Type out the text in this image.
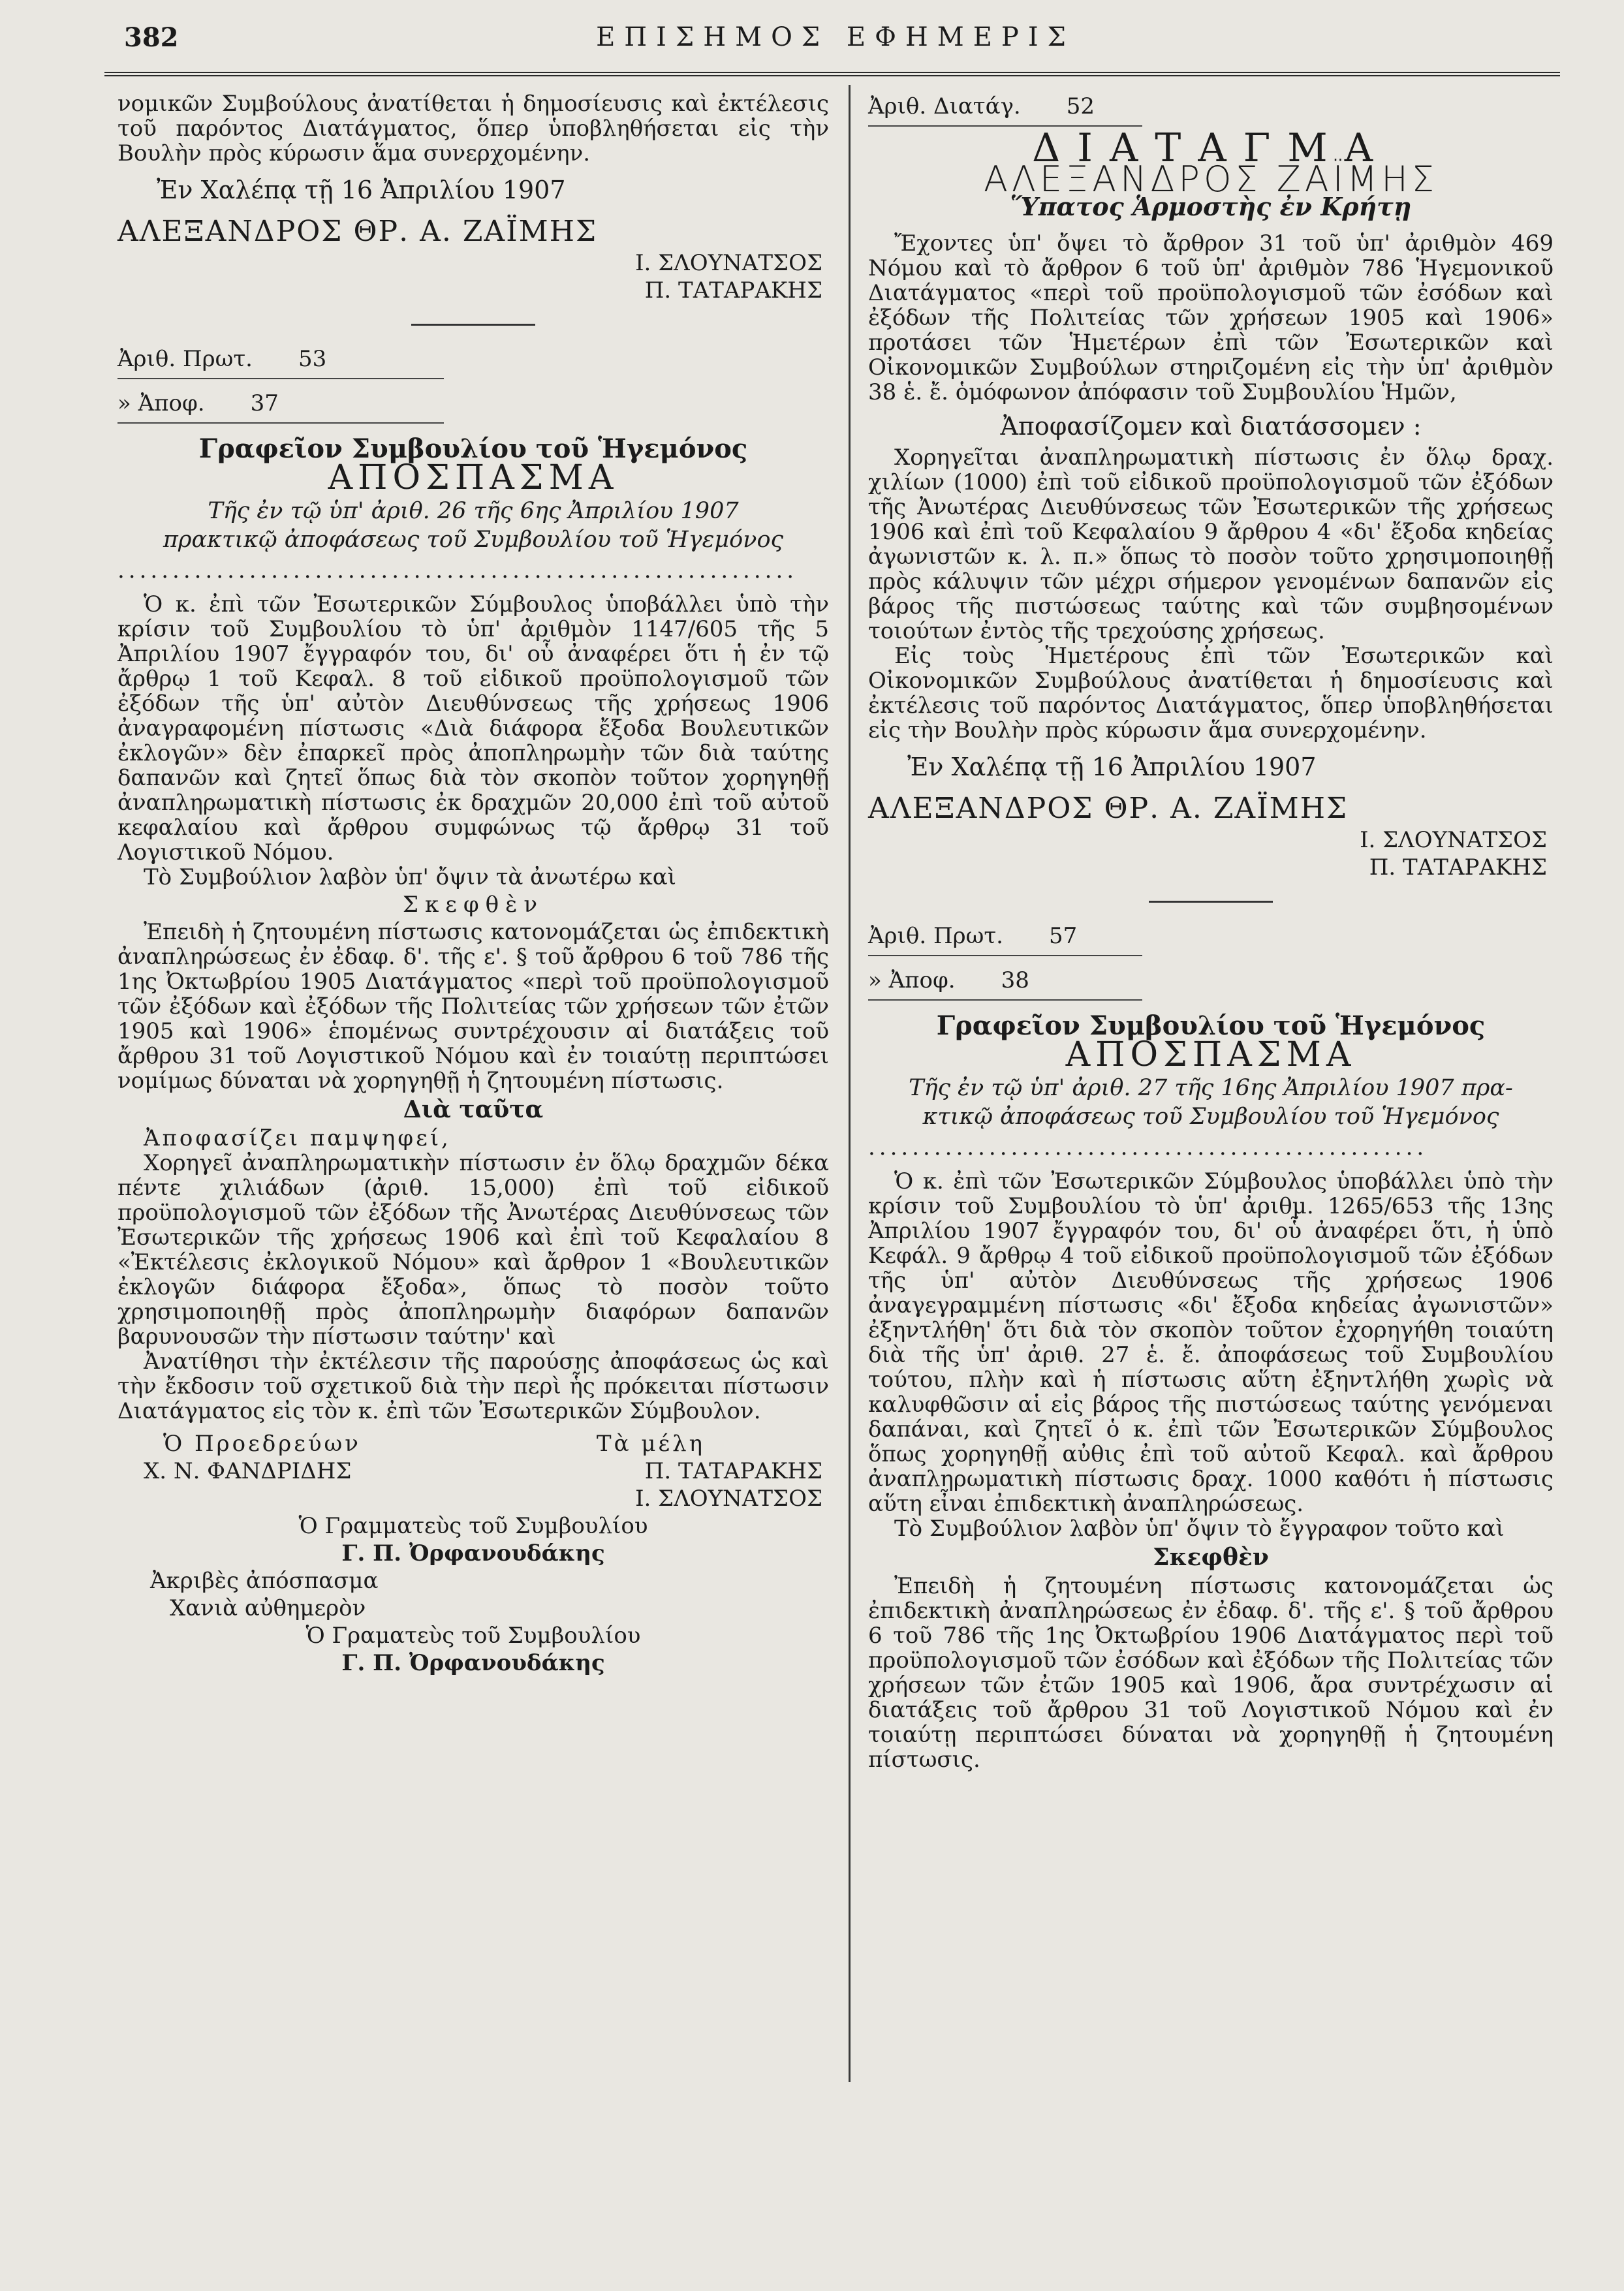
382	ΕΠΙΣΗΜΟΣ ΕΦΗΜΕΡΙΣ

νομικῶν Συμβούλους ἀνατίθεται ἡ δημοσίευσις καὶ ἐκτέλεσις τοῦ παρόντος Διατάγματος, ὅπερ ὑποβληθήσεται εἰς τὴν Βουλὴν πρὸς κύρωσιν ἅμα συνερχομένην.

Ἐν Χαλέπᾳ τῇ 16 Ἀπριλίου 1907

ΑΛΕΞΑΝΔΡΟΣ ΘΡ. Α. ΖΑΪΜΗΣ

Ι. ΣΛΟΥΝΑΤΣΟΣ

Π. ΤΑΤΑΡΑΚΗΣ

Ἀριθ. Πρωτ. 53

» Ἀποφ. 37

Γραφεῖον Συμβουλίου τοῦ Ἡγεμόνος

ΑΠΟΣΠΑΣΜΑ

Τῆς ἐν τῷ ὑπ' ἀριθ. 26 τῆς 6ης Ἀπριλίου 1907

πρακτικῷ ἀποφάσεως τοῦ Συμβουλίου τοῦ Ἡγεμόνος

..............................................................

Ὁ κ. ἐπὶ τῶν Ἐσωτερικῶν Σύμβουλος ὑποβάλλει ὑπὸ τὴν κρίσιν τοῦ Συμβουλίου τὸ ὑπ' ἀριθμὸν 1147/605 τῆς 5 Ἀπριλίου 1907 ἔγγραφόν του, δι' οὗ ἀναφέρει ὅτι ἡ ἐν τῷ ἄρθρῳ 1 τοῦ Κεφαλ. 8 τοῦ εἰδικοῦ προϋπολογισμοῦ τῶν ἐξόδων τῆς ὑπ' αὐτὸν Διευθύνσεως τῆς χρήσεως 1906 ἀναγραφομένη πίστωσις «Διὰ διάφορα ἔξοδα Βουλευτικῶν ἐκλογῶν» δὲν ἐπαρκεῖ πρὸς ἀποπληρωμὴν τῶν διὰ ταύτης δαπανῶν καὶ ζητεῖ ὅπως διὰ τὸν σκοπὸν τοῦτον χορηγηθῇ ἀναπληρωματικὴ πίστωσις ἐκ δραχμῶν 20,000 ἐπὶ τοῦ αὐτοῦ κεφαλαίου καὶ ἄρθρου συμφώνως τῷ ἄρθρῳ 31 τοῦ Λογιστικοῦ Νόμου.

Τὸ Συμβούλιον λαβὸν ὑπ' ὄψιν τὰ ἀνωτέρω καὶ

Σκεφθὲν

Ἐπειδὴ ἡ ζητουμένη πίστωσις κατονομάζεται ὡς ἐπιδεκτικὴ ἀναπληρώσεως ἐν ἐδαφ. δ'. τῆς ε'. § τοῦ ἄρθρου 6 τοῦ 786 τῆς 1ης Ὀκτωβρίου 1905 Διατάγματος «περὶ τοῦ προϋπολογισμοῦ τῶν ἐξόδων καὶ ἐξόδων τῆς Πολιτείας τῶν χρήσεων τῶν ἐτῶν 1905 καὶ 1906» ἑπομένως συντρέχουσιν αἱ διατάξεις τοῦ ἄρθρου 31 τοῦ Λογιστικοῦ Νόμου καὶ ἐν τοιαύτῃ περιπτώσει νομίμως δύναται νὰ χορηγηθῇ ἡ ζητουμένη πίστωσις.

Διὰ ταῦτα

Ἀποφασίζει παμψηφεί,

Χορηγεῖ ἀναπληρωματικὴν πίστωσιν ἐν ὅλῳ δραχμῶν δέκα πέντε χιλιάδων (ἀριθ. 15,000) ἐπὶ τοῦ εἰδικοῦ προϋπολογισμοῦ τῶν ἐξόδων τῆς Ἀνωτέρας Διευθύνσεως τῶν Ἐσωτερικῶν τῆς χρήσεως 1906 καὶ ἐπὶ τοῦ Κεφαλαίου 8 «Ἐκτέλεσις ἐκλογικοῦ Νόμου» καὶ ἄρθρον 1 «Βουλευτικῶν ἐκλογῶν διάφορα ἔξοδα», ὅπως τὸ ποσὸν τοῦτο χρησιμοποιηθῇ πρὸς ἀποπληρωμὴν διαφόρων δαπανῶν βαρυνουσῶν τὴν πίστωσιν ταύτην' καὶ

Ἀνατίθησι τὴν ἐκτέλεσιν τῆς παρούσης ἀποφάσεως ὡς καὶ τὴν ἔκδοσιν τοῦ σχετικοῦ διὰ τὴν περὶ ἧς πρόκειται πίστωσιν Διατάγματος εἰς τὸν κ. ἐπὶ τῶν Ἐσωτερικῶν Σύμβουλον.

Ὁ Προεδρεύων	Τὰ μέλη
Χ. Ν. ΦΑΝΔΡΙΔΗΣ	Π. ΤΑΤΑΡΑΚΗΣ

Ι. ΣΛΟΥΝΑΤΣΟΣ

Ὁ Γραμματεὺς τοῦ Συμβουλίου

Γ. Π. Ὀρφανουδάκης

Ἀκριβὲς ἀπόσπασμα

Χανιὰ αὐθημερὸν

Ὁ Γραματεὺς τοῦ Συμβουλίου

Γ. Π. Ὀρφανουδάκης

Ἀριθ. Διατάγ. 52

ΔΙΑΤΑΓΜΑ

ΑΛΕΞΑΝΔΡΟΣ ΖΑΪΜΗΣ

Ὕπατος Ἁρμοστὴς ἐν Κρήτῃ

Ἔχοντες ὑπ' ὄψει τὸ ἄρθρον 31 τοῦ ὑπ' ἀριθμὸν 469 Νόμου καὶ τὸ ἄρθρον 6 τοῦ ὑπ' ἀριθμὸν 786 Ἡγεμονικοῦ Διατάγματος «περὶ τοῦ προϋπολογισμοῦ τῶν ἐσόδων καὶ ἐξόδων τῆς Πολιτείας τῶν χρήσεων 1905 καὶ 1906» προτάσει τῶν Ἡμετέρων ἐπὶ τῶν Ἐσωτερικῶν καὶ Οἰκονομικῶν Συμβούλων στηριζομένη εἰς τὴν ὑπ' ἀριθμὸν 38 ἑ. ἔ. ὁμόφωνον ἀπόφασιν τοῦ Συμβουλίου Ἡμῶν,

Ἀποφασίζομεν καὶ διατάσσομεν :

Χορηγεῖται ἀναπληρωματικὴ πίστωσις ἐν ὅλῳ δραχ. χιλίων (1000) ἐπὶ τοῦ εἰδικοῦ προϋπολογισμοῦ τῶν ἐξόδων τῆς Ἀνωτέρας Διευθύνσεως τῶν Ἐσωτερικῶν τῆς χρήσεως 1906 καὶ ἐπὶ τοῦ Κεφαλαίου 9 ἄρθρου 4 «δι' ἔξοδα κηδείας ἀγωνιστῶν κ. λ. π.» ὅπως τὸ ποσὸν τοῦτο χρησιμοποιηθῇ πρὸς κάλυψιν τῶν μέχρι σήμερον γενομένων δαπανῶν εἰς βάρος τῆς πιστώσεως ταύτης καὶ τῶν συμβησομένων τοιούτων ἐντὸς τῆς τρεχούσης χρήσεως.

Εἰς τοὺς Ἡμετέρους ἐπὶ τῶν Ἐσωτερικῶν καὶ Οἰκονομικῶν Συμβούλους ἀνατίθεται ἡ δημοσίευσις καὶ ἐκτέλεσις τοῦ παρόντος Διατάγματος, ὅπερ ὑποβληθήσεται εἰς τὴν Βουλὴν πρὸς κύρωσιν ἅμα συνερχομένην.

Ἐν Χαλέπᾳ τῇ 16 Ἀπριλίου 1907

ΑΛΕΞΑΝΔΡΟΣ ΘΡ. Α. ΖΑΪΜΗΣ

Ι. ΣΛΟΥΝΑΤΣΟΣ

Π. ΤΑΤΑΡΑΚΗΣ

Ἀριθ. Πρωτ. 57

» Ἀποφ. 38

Γραφεῖον Συμβουλίου τοῦ Ἡγεμόνος

ΑΠΟΣΠΑΣΜΑ

Τῆς ἐν τῷ ὑπ' ἀριθ. 27 τῆς 16ης Ἀπριλίου 1907 πρα-

κτικῷ ἀποφάσεως τοῦ Συμβουλίου τοῦ Ἡγεμόνος

...................................................

Ὁ κ. ἐπὶ τῶν Ἐσωτερικῶν Σύμβουλος ὑποβάλλει ὑπὸ τὴν κρίσιν τοῦ Συμβουλίου τὸ ὑπ' ἀριθμ. 1265/653 τῆς 13ης Ἀπριλίου 1907 ἔγγραφόν του, δι' οὗ ἀναφέρει ὅτι, ἡ ὑπὸ Κεφάλ. 9 ἄρθρῳ 4 τοῦ εἰδικοῦ προϋπολογισμοῦ τῶν ἐξόδων τῆς ὑπ' αὐτὸν Διευθύνσεως τῆς χρήσεως 1906 ἀναγεγραμμένη πίστωσις «δι' ἔξοδα κηδείας ἀγωνιστῶν» ἐξηντλήθη' ὅτι διὰ τὸν σκοπὸν τοῦτον ἐχορηγήθη τοιαύτη διὰ τῆς ὑπ' ἀριθ. 27 ἑ. ἔ. ἀποφάσεως τοῦ Συμβουλίου τούτου, πλὴν καὶ ἡ πίστωσις αὕτη ἐξηντλήθη χωρὶς νὰ καλυφθῶσιν αἱ εἰς βάρος τῆς πιστώσεως ταύτης γενόμεναι δαπάναι, καὶ ζητεῖ ὁ κ. ἐπὶ τῶν Ἐσωτερικῶν Σύμβουλος ὅπως χορηγηθῇ αὐθις ἐπὶ τοῦ αὐτοῦ Κεφαλ. καὶ ἄρθρου ἀναπληρωματικὴ πίστωσις δραχ. 1000 καθότι ἡ πίστωσις αὕτη εἶναι ἐπιδεκτικὴ ἀναπληρώσεως.

Τὸ Συμβούλιον λαβὸν ὑπ' ὄψιν τὸ ἔγγραφον τοῦτο καὶ

Σκεφθὲν

Ἐπειδὴ ἡ ζητουμένη πίστωσις κατονομάζεται ὡς ἐπιδεκτικὴ ἀναπληρώσεως ἐν ἐδαφ. δ'. τῆς ε'. § τοῦ ἄρθρου 6 τοῦ 786 τῆς 1ης Ὀκτωβρίου 1906 Διατάγματος περὶ τοῦ προϋπολογισμοῦ τῶν ἐσόδων καὶ ἐξόδων τῆς Πολιτείας τῶν χρήσεων τῶν ἐτῶν 1905 καὶ 1906, ἄρα συντρέχωσιν αἱ διατάξεις τοῦ ἄρθρου 31 τοῦ Λογιστικοῦ Νόμου καὶ ἐν τοιαύτῃ περιπτώσει δύναται νὰ χορηγηθῇ ἡ ζητουμένη πίστωσις.
